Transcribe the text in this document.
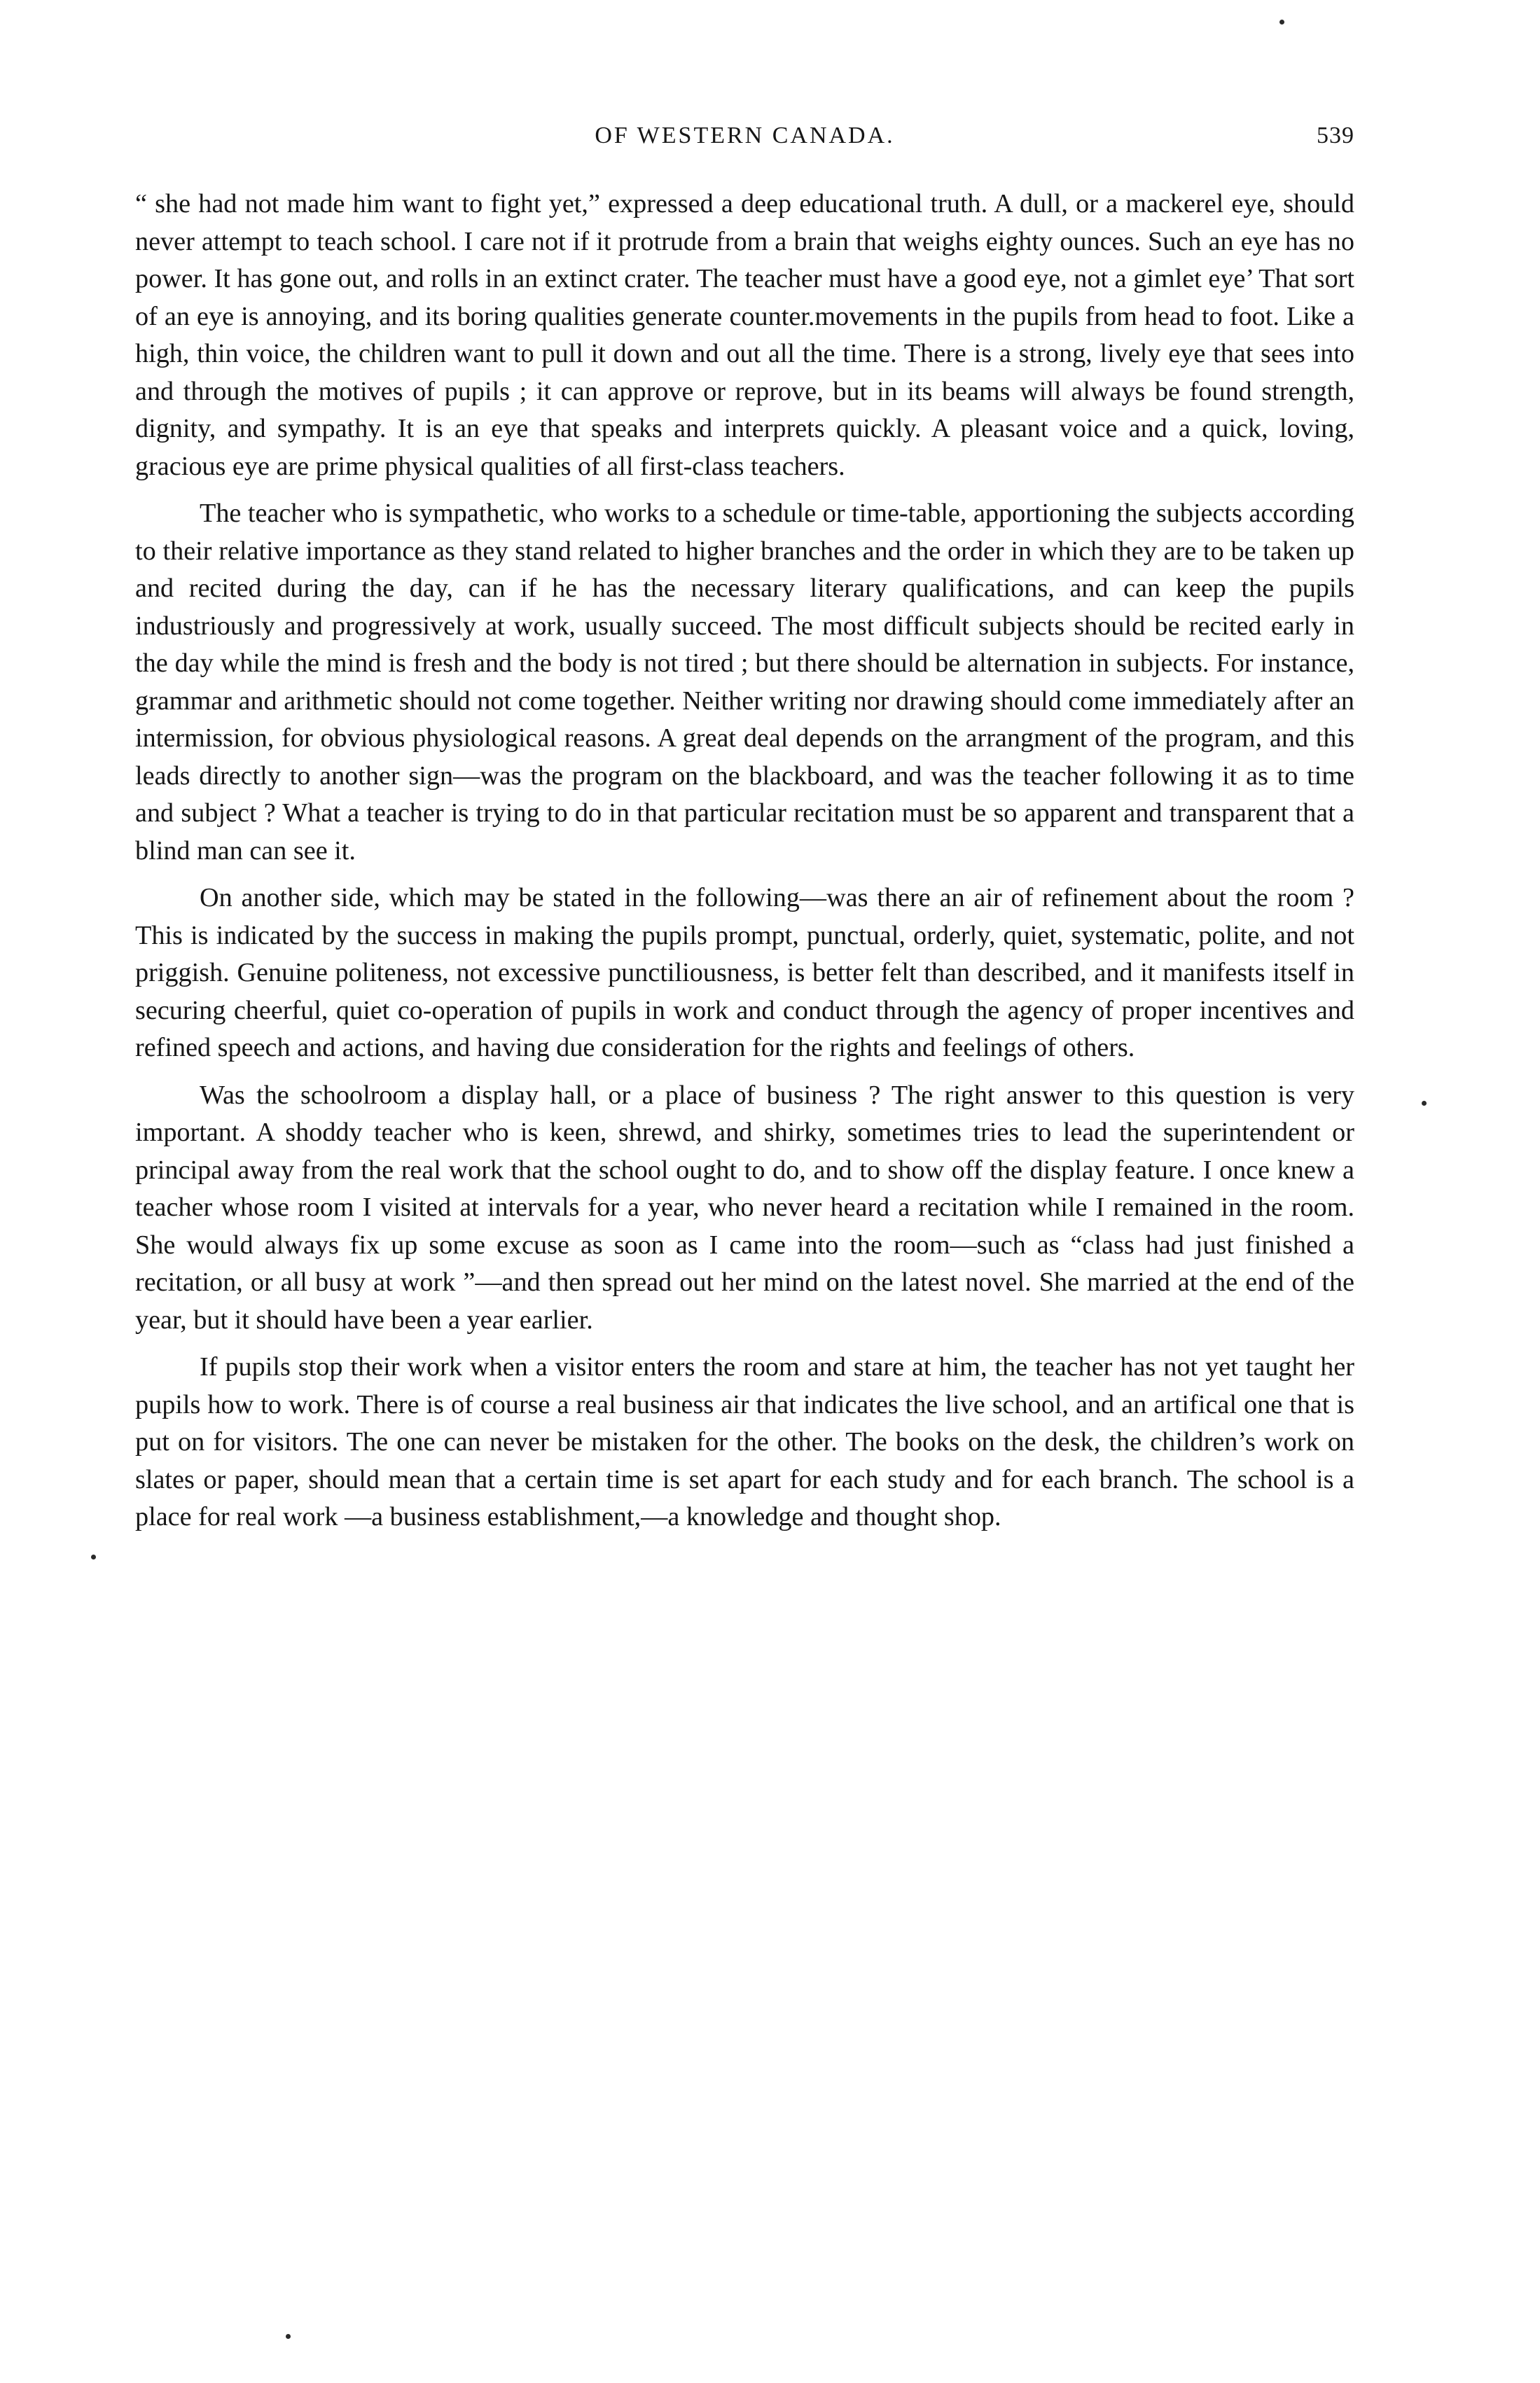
OF WESTERN CANADA.	539

“ she had not made him want to fight yet,” expressed a deep educational truth. A dull, or a mackerel eye, should never attempt to teach school. I care not if it protrude from a brain that weighs eighty ounces. Such an eye has no power. It has gone out, and rolls in an extinct crater. The teacher must have a good eye, not a gimlet eye’ That sort of an eye is annoying, and its boring qualities generate counter.movements in the pupils from head to foot. Like a high, thin voice, the children want to pull it down and out all the time. There is a strong, lively eye that sees into and through the motives of pupils ; it can approve or reprove, but in its beams will always be found strength, dignity, and sympathy. It is an eye that speaks and interprets quickly. A pleasant voice and a quick, loving, gracious eye are prime physical qualities of all first-class teachers.

The teacher who is sympathetic, who works to a schedule or time-table, apportioning the subjects according to their relative importance as they stand related to higher branches and the order in which they are to be taken up and recited during the day, can if he has the necessary literary qualifications, and can keep the pupils industriously and progressively at work, usually succeed. The most difficult subjects should be recited early in the day while the mind is fresh and the body is not tired ; but there should be alternation in subjects. For instance, grammar and arithmetic should not come together. Neither writing nor drawing should come immediately after an intermission, for obvious physiological reasons. A great deal depends on the arrangment of the program, and this leads directly to another sign—was the program on the blackboard, and was the teacher following it as to time and subject ? What a teacher is trying to do in that particular recitation must be so apparent and transparent that a blind man can see it.

On another side, which may be stated in the following—was there an air of refinement about the room ? This is indicated by the success in making the pupils prompt, punctual, orderly, quiet, systematic, polite, and not priggish. Genuine politeness, not excessive punctiliousness, is better felt than described, and it manifests itself in securing cheerful, quiet co-operation of pupils in work and conduct through the agency of proper incentives and refined speech and actions, and having due consideration for the rights and feelings of others.

Was the schoolroom a display hall, or a place of business ? The right answer to this question is very important. A shoddy teacher who is keen, shrewd, and shirky, sometimes tries to lead the superintendent or principal away from the real work that the school ought to do, and to show off the display feature. I once knew a teacher whose room I visited at intervals for a year, who never heard a recitation while I remained in the room. She would always fix up some excuse as soon as I came into the room—such as “class had just finished a recitation, or all busy at work ”—and then spread out her mind on the latest novel. She married at the end of the year, but it should have been a year earlier.

If pupils stop their work when a visitor enters the room and stare at him, the teacher has not yet taught her pupils how to work. There is of course a real business air that indicates the live school, and an artifical one that is put on for visitors. The one can never be mistaken for the other. The books on the desk, the children’s work on slates or paper, should mean that a certain time is set apart for each study and for each branch. The school is a place for real work —a business establishment,—a knowledge and thought shop.
